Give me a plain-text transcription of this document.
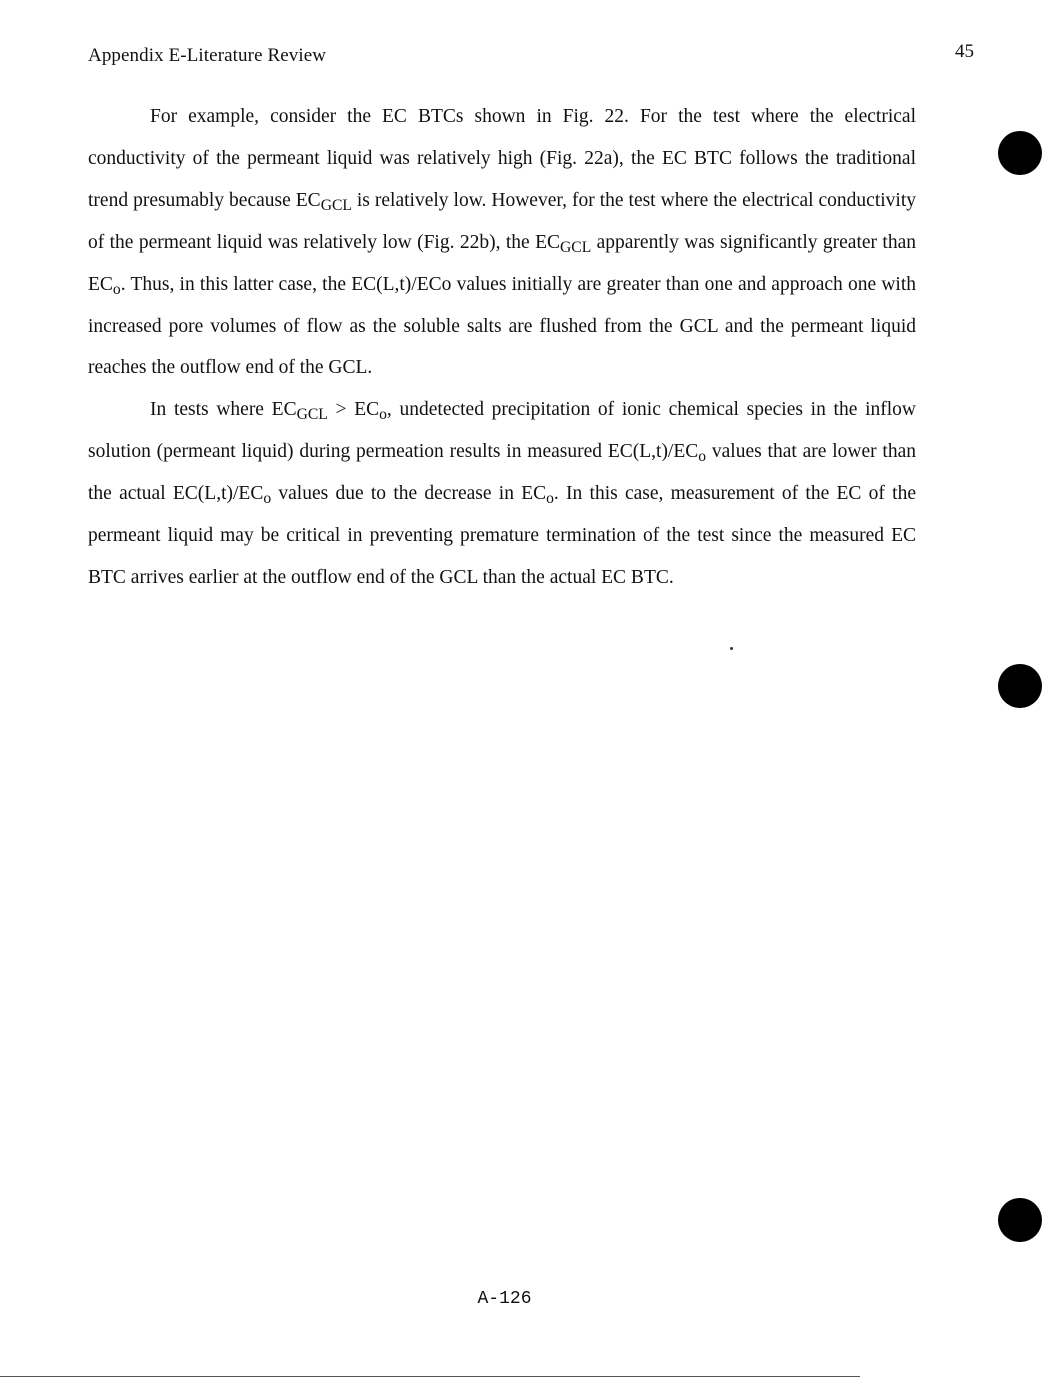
Appendix E-Literature Review	45

For example, consider the EC BTCs shown in Fig. 22. For the test where the electrical conductivity of the permeant liquid was relatively high (Fig. 22a), the EC BTC follows the traditional trend presumably because $EC_{GCL}$ is relatively low. However, for the test where the electrical conductivity of the permeant liquid was relatively low (Fig. 22b), the $EC_{GCL}$ apparently was significantly greater than $EC_o$. Thus, in this latter case, the EC(L,t)/ECo values initially are greater than one and approach one with increased pore volumes of flow as the soluble salts are flushed from the GCL and the permeant liquid reaches the outflow end of the GCL.

In tests where $EC_{GCL} > EC_o$, undetected precipitation of ionic chemical species in the inflow solution (permeant liquid) during permeation results in measured $EC(L,t)/EC_o$ values that are lower than the actual $EC(L,t)/EC_o$ values due to the decrease in $EC_o$. In this case, measurement of the EC of the permeant liquid may be critical in preventing premature termination of the test since the measured EC BTC arrives earlier at the outflow end of the GCL than the actual EC BTC.

A-126
